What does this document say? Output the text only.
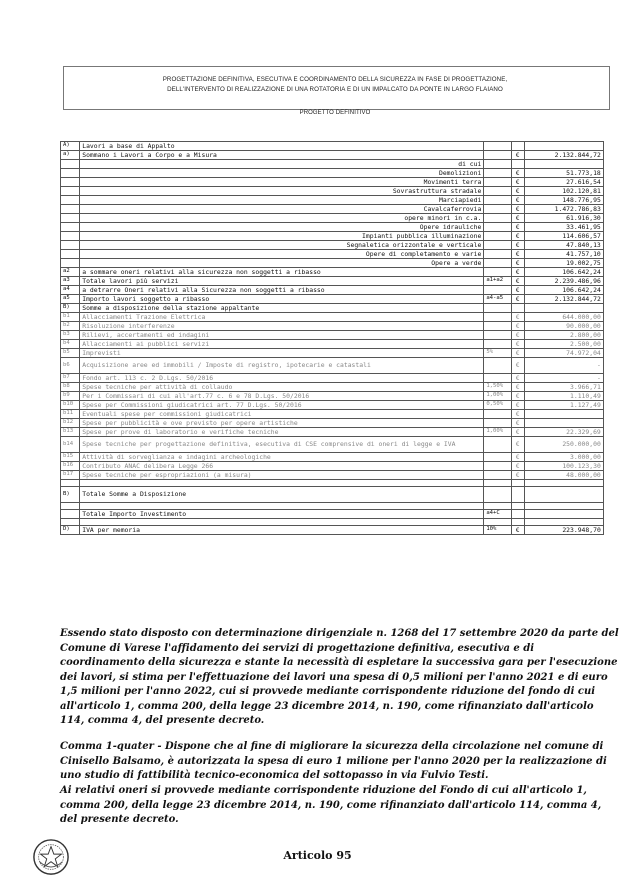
PROGETTAZIONE DEFINITIVA, ESECUTIVA E COORDINAMENTO DELLA SICUREZZA IN FASE DI PROGETTAZIONE,
DELL'INTERVENTO DI REALIZZAZIONE DI UNA ROTATORIA E DI UN IMPALCATO DA PONTE IN LARGO FLAIANO
PROGETTO DEFINITIVO
A)	Lavori a base di Appalto				
a)	Sommano i Lavori a Corpo e a Misura		€	2.132.844,72	
	di cui				
	Demolizioni		€	51.773,18	
	Movimenti terra		€	27.616,54	
	Sovrastruttura stradale		€	102.120,81	
	Marciapiedi		€	148.776,95	
	Cavalcaferrovia		€	1.472.786,83	
	opere minori in c.a.		€	61.916,30	
	Opere idrauliche		€	33.461,95	
	Impianti pubblica illuminazione		€	114.606,57	
	Segnaletica orizzontale e verticale		€	47.840,13	
	Opere di completamento e varie		€	41.757,10	
	Opere a verde		€	19.002,75	
a2	a sommare oneri relativi alla sicurezza non soggetti a ribasso		€	106.642,24	
a3	Totale lavori più servizi	a1+a2	€	2.239.486,96	
a4	a detrarre Oneri relativi alla Sicurezza non soggetti a ribasso		€	106.642,24	
a5	Importo lavori soggetto a ribasso	a4-a5	€	2.132.844,72	
B)	Somme a disposizione della stazione appaltante				
b1	Allacciamenti Trazione Elettrica		€	644.000,00	
b2	Risoluzione interferenze		€	90.000,00	
b3	Rilievi, accertamenti ed indagini		€	2.800,00	
b4	Allacciamenti ai pubblici servizi		€	2.500,00	
b5	Imprevisti	5%	€	74.972,04	
b6	Acquisizione aree ed immobili / Imposte di registro, ipotecarie e catastali		€	-	
b7	Fondo art. 113 c. 2 D.Lgs. 50/2016		€	-	
b8	Spese tecniche per attività di collaudo	1,50%	€	3.966,71	
b9	Per i Commissari di cui all'art.77 c. 6 e 78 D.Lgs. 50/2016	1,00%	€	1.110,49	
b10	Spese per Commissioni giudicatrici art. 77 D.Lgs. 50/2016	0,50%	€	1.127,49	
b11	Eventuali spese per commissioni giudicatrici		€		
b12	Spese per pubblicità e ove previsto per opere artistiche		€		
b13	Spese per prove di laboratorio e verifiche tecniche	1,00%	€	22.329,69	
b14	Spese tecniche per progettazione definitiva, esecutiva di CSE comprensive di oneri di legge e IVA		€	250.000,00	
b15	Attività di sorveglianza e indagini archeologiche		€	3.000,00	
b16	Contributo ANAC delibera Legge 266		€	100.123,30	
b17	Spese tecniche per espropriazioni (a misura)		€	48.000,00	

B)	Totale Somme a Disposizione				

	Totale Importo Investimento	a4+C			

D)	IVA per memoria	10%	€	223.948,70	

Essendo stato disposto con determinazione dirigenziale n. 1268 del 17 settembre 2020 da parte del Comune di Varese l'affidamento dei servizi di progettazione definitiva, esecutiva e di coordinamento della sicurezza e stante la necessità di espletare la successiva gara per l'esecuzione dei lavori, si stima per l'effettuazione dei lavori una spesa di 0,5 milioni per l'anno 2021 e di euro 1,5 milioni per l'anno 2022, cui si provvede mediante corrispondente riduzione del fondo di cui all'articolo 1, comma 200, della legge 23 dicembre 2014, n. 190, come rifinanziato dall'articolo 114, comma 4, del presente decreto.

Comma 1-quater - Dispone che al fine di migliorare la sicurezza della circolazione nel comune di Cinisello Balsamo, è autorizzata la spesa di euro 1 milione per l'anno 2020 per la realizzazione di uno studio di fattibilità tecnico-economica del sottopasso in via Fulvio Testi.

Ai relativi oneri si provvede mediante corrispondente riduzione del Fondo di cui all'articolo 1, comma 200, della legge 23 dicembre 2014, n. 190, come rifinanziato dall'articolo 114, comma 4, del presente decreto.

Articolo 95
